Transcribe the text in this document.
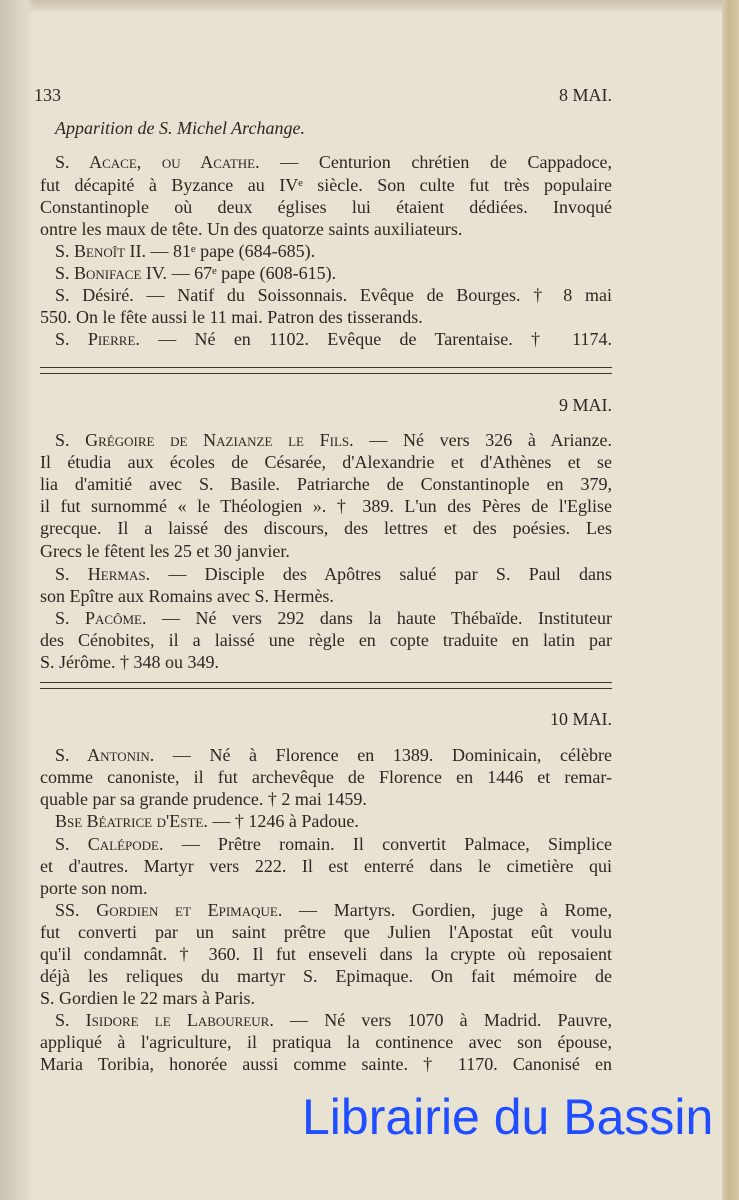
133	8 MAI.
9 MAI.
10 MAI.
Apparition de S. Michel Archange.
S. Acace, ou Acathe. — Centurion chrétien de Cappadoce,
fut décapité à Byzance au IVᵉ siècle. Son culte fut très populaire
Constantinople où deux églises lui étaient dédiées. Invoqué
ontre les maux de tête. Un des quatorze saints auxiliateurs.
S. Benoît II. — 81ᵉ pape (684-685).
S. Boniface IV. — 67ᵉ pape (608-615).
S. Désiré. — Natif du Soissonnais. Evêque de Bourges. † 8 mai
550. On le fête aussi le 11 mai. Patron des tisserands.
S. Pierre. — Né en 1102. Evêque de Tarentaise. † 1174.
S. Grégoire de Nazianze le Fils. — Né vers 326 à Arianze.
Il étudia aux écoles de Césarée, d'Alexandrie et d'Athènes et se
lia d'amitié avec S. Basile. Patriarche de Constantinople en 379,
il fut surnommé « le Théologien ». † 389. L'un des Pères de l'Eglise
grecque. Il a laissé des discours, des lettres et des poésies. Les
Grecs le fêtent les 25 et 30 janvier.
S. Hermas. — Disciple des Apôtres salué par S. Paul dans
son Epître aux Romains avec S. Hermès.
S. Pacôme. — Né vers 292 dans la haute Thébaïde. Instituteur
des Cénobites, il a laissé une règle en copte traduite en latin par
S. Jérôme. † 348 ou 349.
S. Antonin. — Né à Florence en 1389. Dominicain, célèbre
comme canoniste, il fut archevêque de Florence en 1446 et remar-
quable par sa grande prudence. † 2 mai 1459.
Bse Béatrice d'Este. — † 1246 à Padoue.
S. Calépode. — Prêtre romain. Il convertit Palmace, Simplice
et d'autres. Martyr vers 222. Il est enterré dans le cimetière qui
porte son nom.
SS. Gordien et Epimaque. — Martyrs. Gordien, juge à Rome,
fut converti par un saint prêtre que Julien l'Apostat eût voulu
qu'il condamnât. † 360. Il fut enseveli dans la crypte où reposaient
déjà les reliques du martyr S. Epimaque. On fait mémoire de
S. Gordien le 22 mars à Paris.
S. Isidore le Laboureur. — Né vers 1070 à Madrid. Pauvre,
appliqué à l'agriculture, il pratiqua la continence avec son épouse,
Maria Toribia, honorée aussi comme sainte. † 1170. Canonisé en
Librairie du Bassin
